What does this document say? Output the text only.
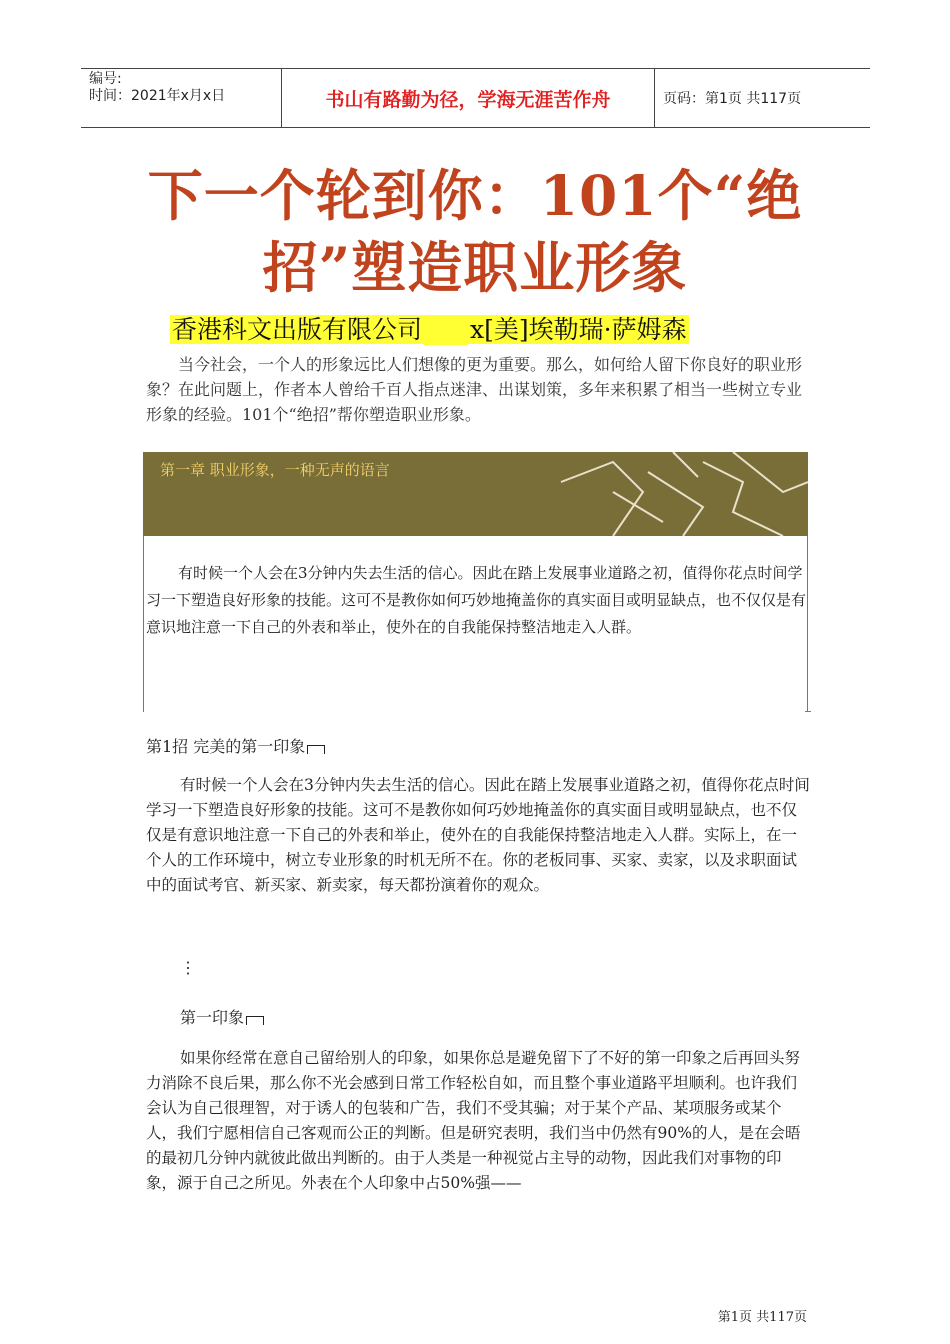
编号:
时间：2021年x月x日	书山有路勤为径，学海无涯苦作舟	页码：第1页 共117页
下一个轮到你：101个“绝招”塑造职业形象
香港科文出版有限公司 x[美]埃勒瑞·萨姆森

当今社会，一个人的形象远比人们想像的更为重要。那么，如何给人留下你良好的职业形象？在此问题上，作者本人曾给千百人指点迷津、出谋划策，多年来积累了相当一些树立专业形象的经验。101个“绝招”帮你塑造职业形象。

第一章 职业形象，一种无声的语言

有时候一个人会在3分钟内失去生活的信心。因此在踏上发展事业道路之初，值得你花点时间学习一下塑造良好形象的技能。这可不是教你如何巧妙地掩盖你的真实面目或明显缺点，也不仅仅是有意识地注意一下自己的外表和举止，使外在的自我能保持整洁地走入人群。

第1招 完美的第一印象

有时候一个人会在3分钟内失去生活的信心。因此在踏上发展事业道路之初，值得你花点时间学习一下塑造良好形象的技能。这可不是教你如何巧妙地掩盖你的真实面目或明显缺点，也不仅仅是有意识地注意一下自己的外表和举止，使外在的自我能保持整洁地走入人群。实际上，在一个人的工作环境中，树立专业形象的时机无所不在。你的老板同事、买家、卖家，以及求职面试中的面试考官、新买家、新卖家，每天都扮演着你的观众。

⋮
第一印象

如果你经常在意自己留给别人的印象，如果你总是避免留下了不好的第一印象之后再回头努力消除不良后果，那么你不光会感到日常工作轻松自如，而且整个事业道路平坦顺利。也许我们会认为自己很理智，对于诱人的包装和广告，我们不受其骗；对于某个产品、某项服务或某个人，我们宁愿相信自己客观而公正的判断。但是研究表明，我们当中仍然有90%的人，是在会晤的最初几分钟内就彼此做出判断的。由于人类是一种视觉占主导的动物，因此我们对事物的印象，源于自己之所见。外表在个人印象中占50%强——

第1页 共117页
